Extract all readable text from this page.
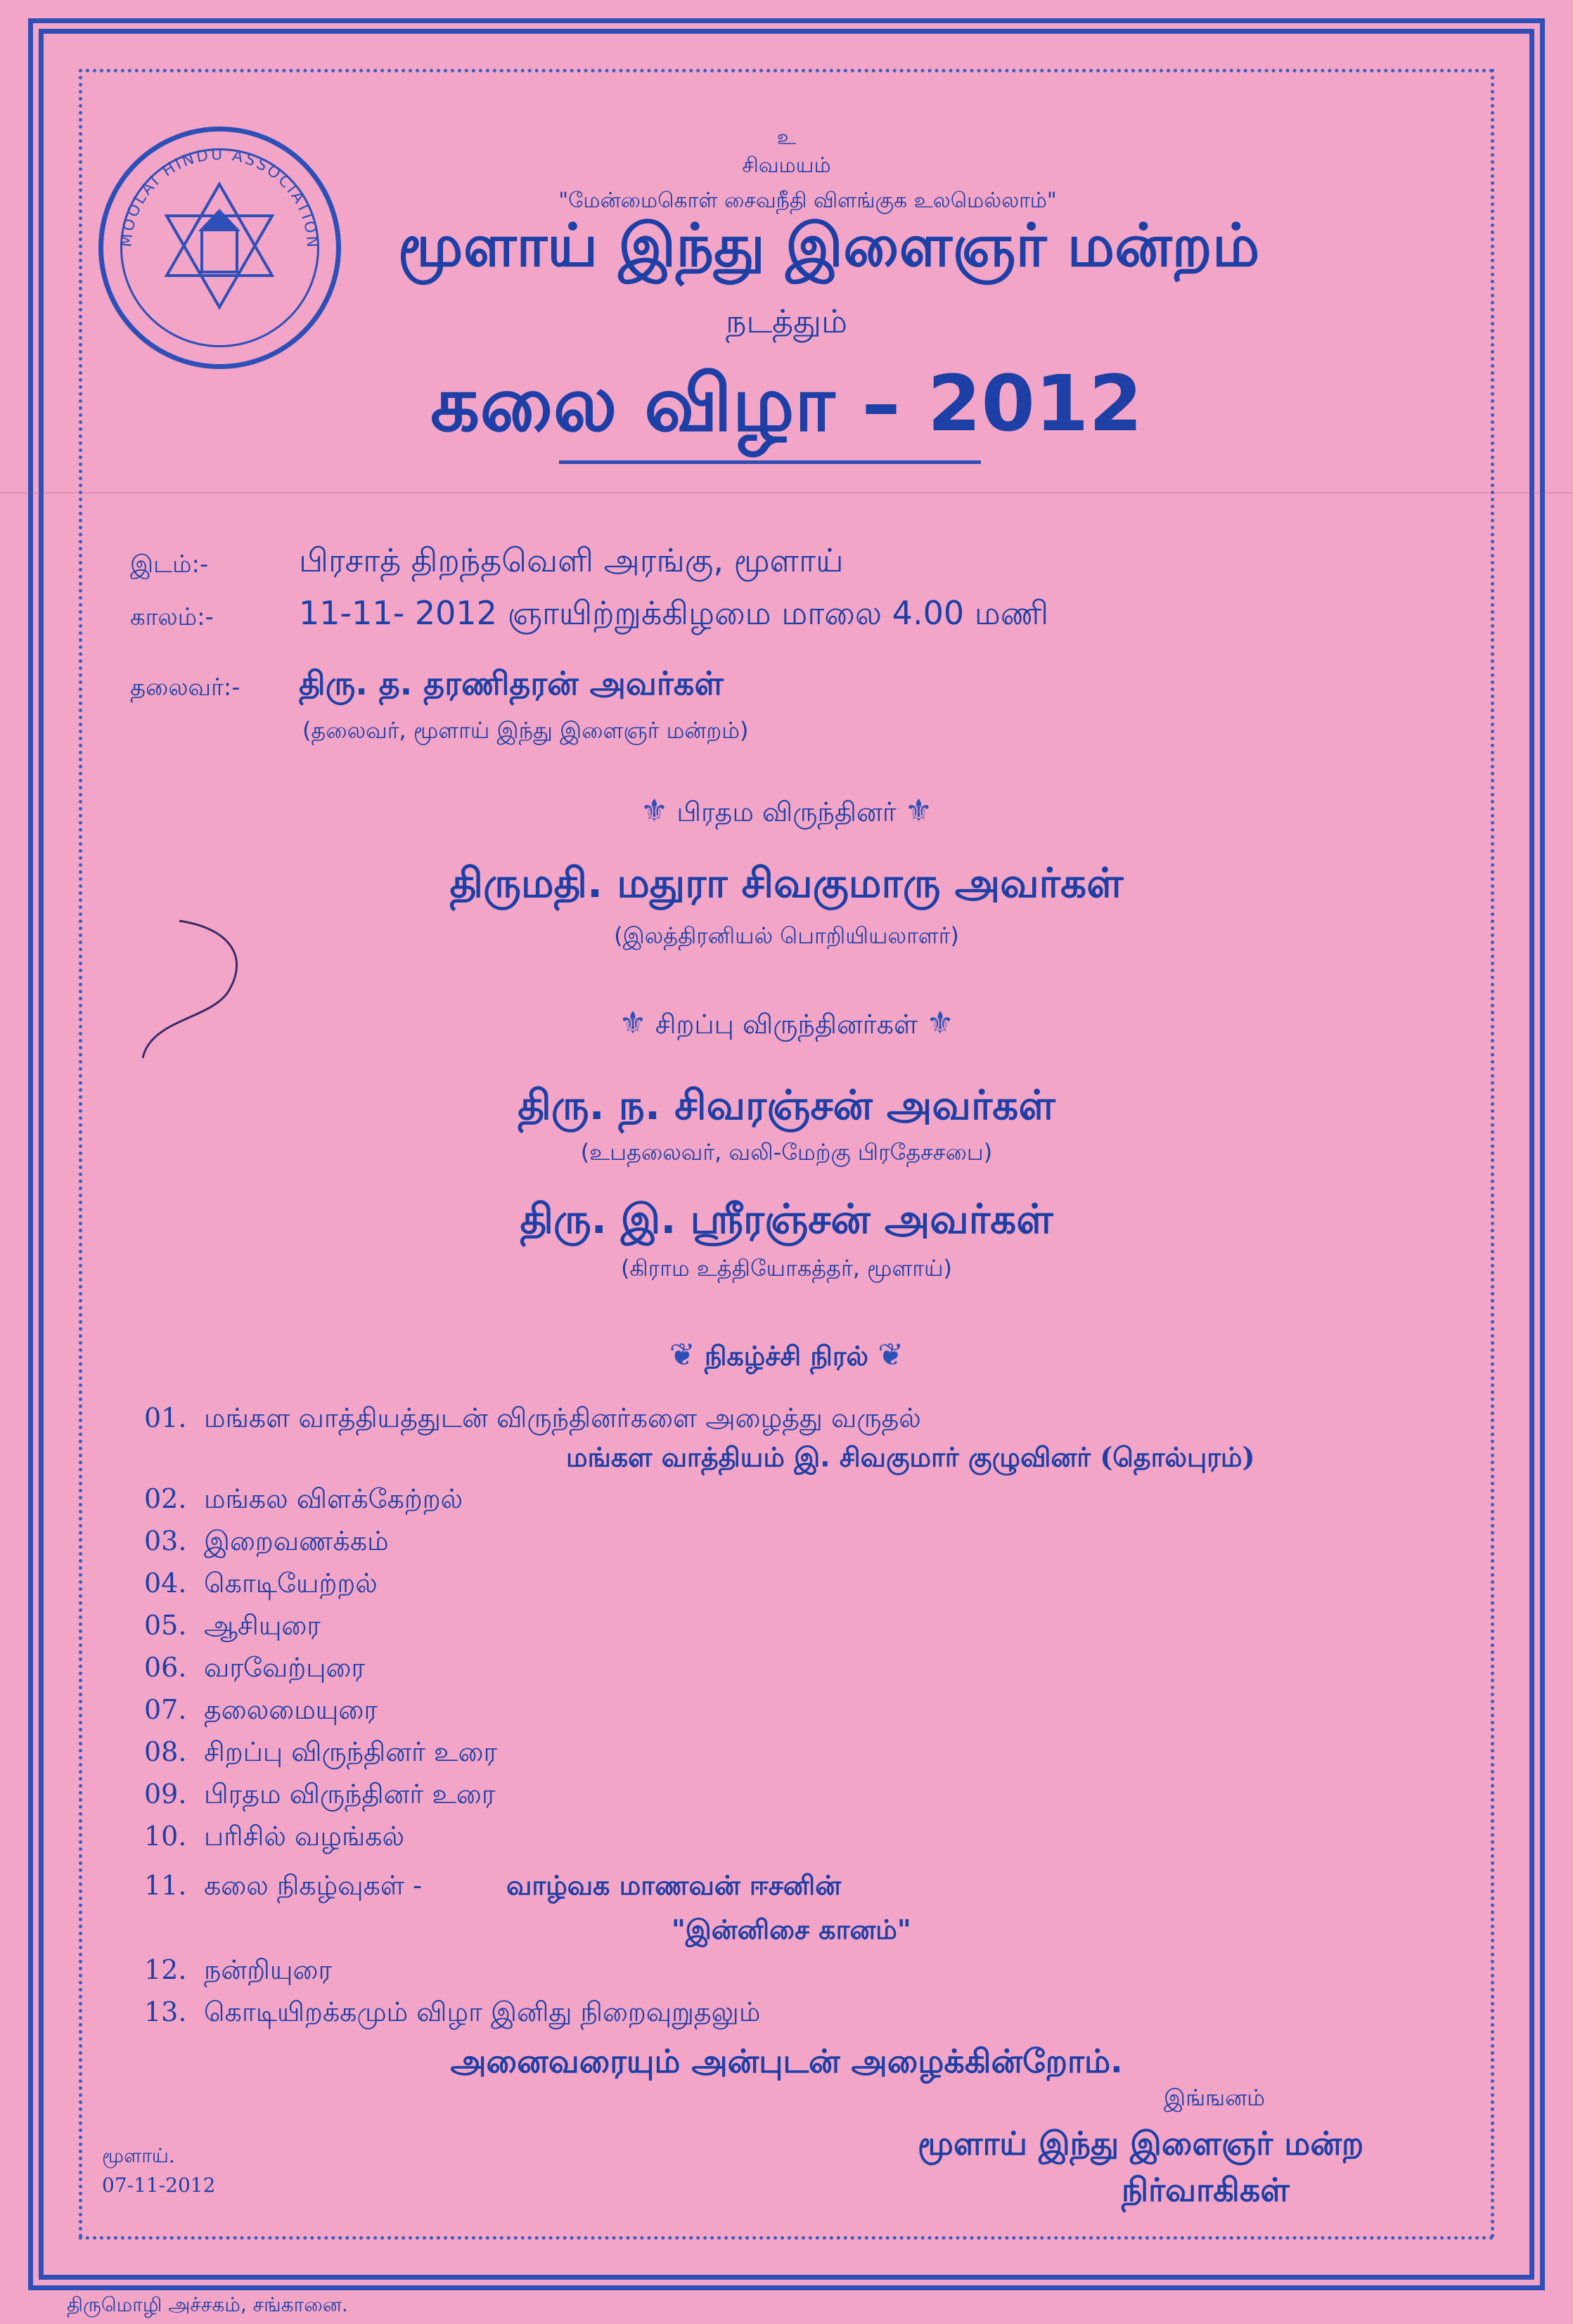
MOOLAI HINDU ASSOCIATION
உ
சிவமயம்
"மேன்மைகொள் சைவநீதி விளங்குக உலமெல்லாம்"
மூளாய் இந்து இளைஞர் மன்றம்
நடத்தும்
கலை விழா – 2012
இடம்:-	பிரசாத் திறந்தவெளி அரங்கு, மூளாய்
காலம்:-	11-11- 2012 ஞாயிற்றுக்கிழமை மாலை 4.00 மணி
தலைவர்:- திரு. த. தரணிதரன் அவர்கள்
(தலைவர், மூளாய் இந்து இளைஞர் மன்றம்)
⚜ பிரதம விருந்தினர் ⚜
திருமதி. மதுரா சிவகுமாரு அவர்கள்
(இலத்திரனியல் பொறியியலாளர்)
⚜ சிறப்பு விருந்தினர்கள் ⚜
திரு. ந. சிவரஞ்சன் அவர்கள்
(உபதலைவர், வலி-மேற்கு பிரதேசசபை)
திரு. இ. ஸ்ரீரஞ்சன் அவர்கள்
(கிராம உத்தியோகத்தர், மூளாய்)
❦ நிகழ்ச்சி நிரல் ❦
01. மங்கள வாத்தியத்துடன் விருந்தினர்களை அழைத்து வருதல்
02. மங்கல விளக்கேற்றல்
03. இறைவணக்கம்
04. கொடியேற்றல்
05. ஆசியுரை
06. வரவேற்புரை
07. தலைமையுரை
08. சிறப்பு விருந்தினர் உரை
09. பிரதம விருந்தினர் உரை
10. பரிசில் வழங்கல்
11. கலை நிகழ்வுகள் -
12. நன்றியுரை
13. கொடியிறக்கமும் விழா இனிது நிறைவுறுதலும்
மங்கள வாத்தியம் இ. சிவகுமார் குழுவினர் (தொல்புரம்)
வாழ்வக மாணவன் ஈசனின்
"இன்னிசை கானம்"
அனைவரையும் அன்புடன் அழைக்கின்றோம்.
இங்ஙனம்
மூளாய் இந்து இளைஞர் மன்ற
நிர்வாகிகள்
மூளாய்.
07-11-2012
திருமொழி அச்சகம், சங்கானை.
